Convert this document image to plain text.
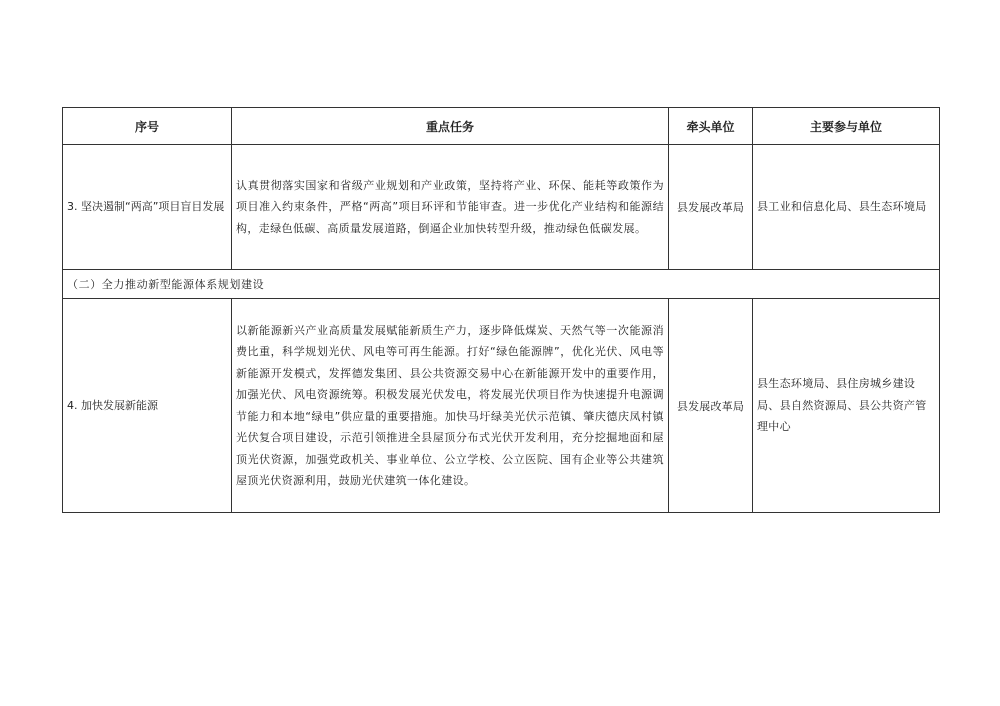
序号	重点任务	牵头单位	主要参与单位
3. 坚决遏制“两高”项目盲目发展	认真贯彻落实国家和省级产业规划和产业政策，坚持将产业、环保、能耗等政策作为项目准入约束条件，严格“两高”项目环评和节能审查。进一步优化产业结构和能源结构，走绿色低碳、高质量发展道路，倒逼企业加快转型升级，推动绿色低碳发展。	县发展改革局	县工业和信息化局、县生态环境局
（二）全力推动新型能源体系规划建设			
4. 加快发展新能源	以新能源新兴产业高质量发展赋能新质生产力，逐步降低煤炭、天然气等一次能源消费比重，科学规划光伏、风电等可再生能源。打好“绿色能源牌”，优化光伏、风电等新能源开发模式，发挥德发集团、县公共资源交易中心在新能源开发中的重要作用，加强光伏、风电资源统筹。积极发展光伏发电，将发展光伏项目作为快速提升电源调节能力和本地“绿电”供应量的重要措施。加快马圩绿美光伏示范镇、肇庆德庆凤村镇光伏复合项目建设，示范引领推进全县屋顶分布式光伏开发利用，充分挖掘地面和屋顶光伏资源，加强党政机关、事业单位、公立学校、公立医院、国有企业等公共建筑屋顶光伏资源利用，鼓励光伏建筑一体化建设。	县发展改革局	县生态环境局、县住房城乡建设局、县自然资源局、县公共资产管理中心
